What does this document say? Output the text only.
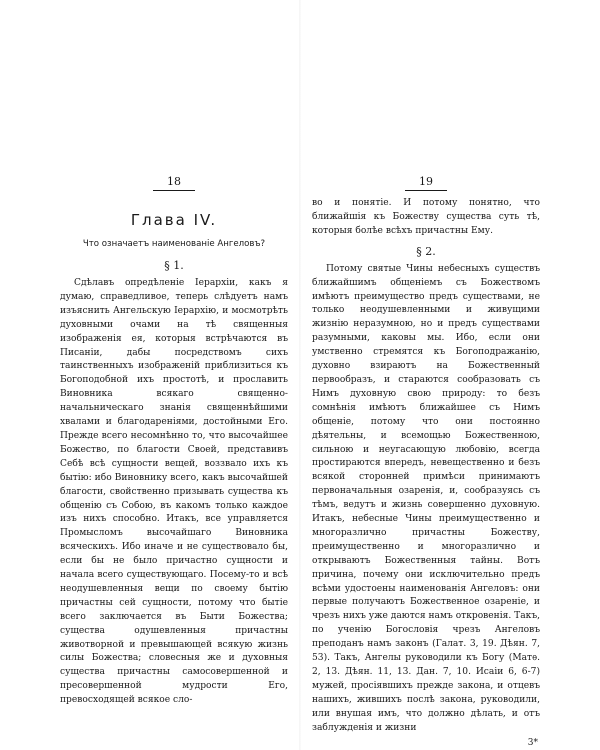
18
Глава IV.
Что означаетъ наименованіе Ангеловъ?
§ 1.

Сдѣлавъ опредѣленіе Іерархіи, какъ я думаю, справедливое, теперь слѣдуетъ намъ изъяснить Ангельскую Іерархію, и мосмотрѣть духовными очами на тѣ священныя изображенія ея, которыя встрѣчаются въ Писаніи, дабы посредствомъ сихъ таинственныхъ изображеній приблизиться къ Богоподобной ихъ простотѣ, и прославить Виновника всякаго священно-начальническаго знанія священнѣйшими хвалами и благодареніями, достойными Его. Прежде всего несомнѣнно то, что высочайшее Божество, по благости Своей, представивъ Себѣ всѣ сущности вещей, воззвало ихъ къ бытію: ибо Виновнику всего, какъ высочайшей благости, свойственно призывать существа къ общенію съ Собою, въ какомъ только каждое изъ нихъ способно. Итакъ, все управляется Промысломъ высочайшаго Виновника всяческихъ. Ибо иначе и не существовало бы, если бы не было причастно сущности и начала всего существующаго. Посему-то и всѣ неодушевленныя вещи по своему бытію причастны сей сущности, потому что бытіе всего заключается въ Быти Божества; существа одушевленныя причастны животворной и превышающей всякую жизнь силы Божества; словесныя же и духовныя существа причастны самосовершенной и пресовершенной мудрости Его, превосходящей всякое сло-

19

во и понятіе. И потому понятно, что ближайшія къ Божеству существа суть тѣ, которыя болѣе всѣхъ причастны Ему.

§ 2.

Потому святые Чины небесныхъ существъ ближайшимъ общеніемъ съ Божествомъ имѣютъ преимущество предъ существами, не только неодушевленными и живущими жизнію неразумною, но и предъ существами разумными, каковы мы. Ибо, если они умственно стремятся къ Богоподражанію, духовно взираютъ на Божественный первообразъ, и стараются сообразовать съ Нимъ духовную свою природу: то безъ сомнѣнія имѣютъ ближайшее съ Нимъ общеніе, потому что они постоянно дѣятельны, и всемощью Божественною, сильною и неугасающую любовію, всегда простираются впередъ, невещественно и безъ всякой сторонней примѣси принимаютъ первоначальныя озаренія, и, сообразуясь съ тѣмъ, ведутъ и жизнь совершенно духовную. Итакъ, небесные Чины преимущественно и многоразлично причастны Божеству, преимущественно и многоразлично и открываютъ Божественныя тайны. Вотъ причина, почему они исключительно предъ всѣми удостоены наименованія Ангеловъ: они первые получаютъ Божественное озареніе, и чрезъ нихъ уже даются намъ откровенія. Такъ, по ученію Богословія чрезъ Ангеловъ преподанъ намъ законъ (Галат. 3, 19. Дѣян. 7, 53). Такъ, Ангелы руководили къ Богу (Матѳ. 2, 13. Дѣян. 11, 13. Дан. 7, 10. Исаіи 6, 6-7) мужей, просіявшихъ прежде закона, и отцевъ нашихъ, жившихъ послѣ закона, руководили, или внушая имъ, что должно дѣлать, и отъ заблужденія и жизни

3*
